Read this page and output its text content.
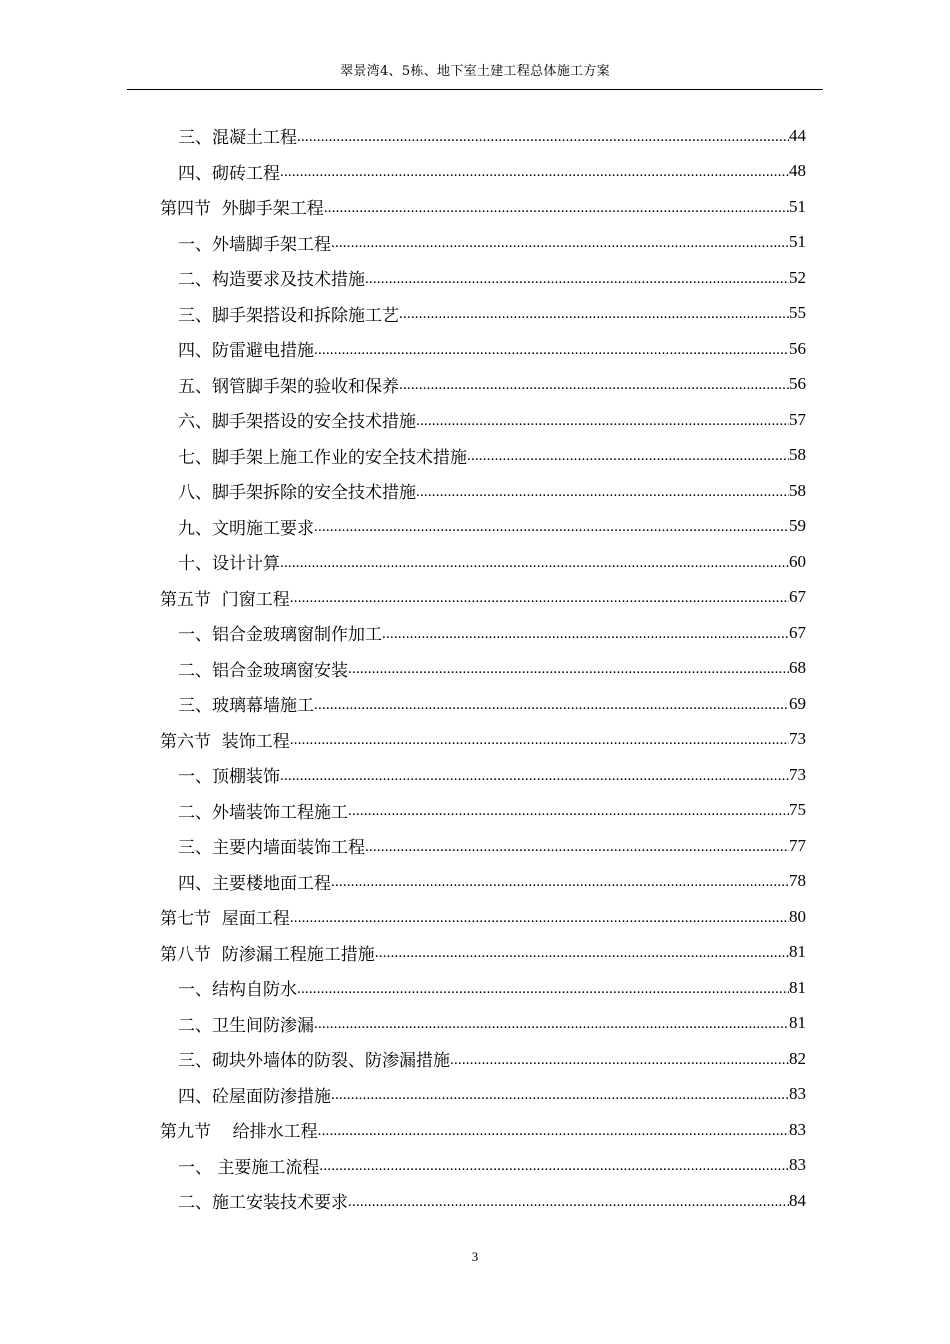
翠景湾4、5栋、地下室土建工程总体施工方案
三、混凝土工程 .....	44
四、砌砖工程 .....	48
第四节  外脚手架工程 .....	51
一、外墙脚手架工程 .....	51
二、构造要求及技术措施 .....	52
三、脚手架搭设和拆除施工艺 .....	55
四、防雷避电措施 .....	56
五、钢管脚手架的验收和保养 .....	56
六、脚手架搭设的安全技术措施 .....	57
七、脚手架上施工作业的安全技术措施 .....	58
八、脚手架拆除的安全技术措施 .....	58
九、文明施工要求 .....	59
十、设计计算 .....	60
第五节  门窗工程 .....	67
一、铝合金玻璃窗制作加工 .....	67
二、铝合金玻璃窗安装 .....	68
三、玻璃幕墙施工 .....	69
第六节  装饰工程 .....	73
一、顶棚装饰 .....	73
二、外墙装饰工程施工 .....	75
三、主要内墙面装饰工程 .....	77
四、主要楼地面工程 .....	78
第七节  屋面工程 .....	80
第八节  防渗漏工程施工措施 .....	81
一、结构自防水 .....	81
二、卫生间防渗漏 .....	81
三、砌块外墙体的防裂、防渗漏措施 .....	82
四、砼屋面防渗措施 .....	83
第九节    给排水工程 .....	83
一、 主要施工流程 .....	83
二、施工安装技术要求 .....	84
3
